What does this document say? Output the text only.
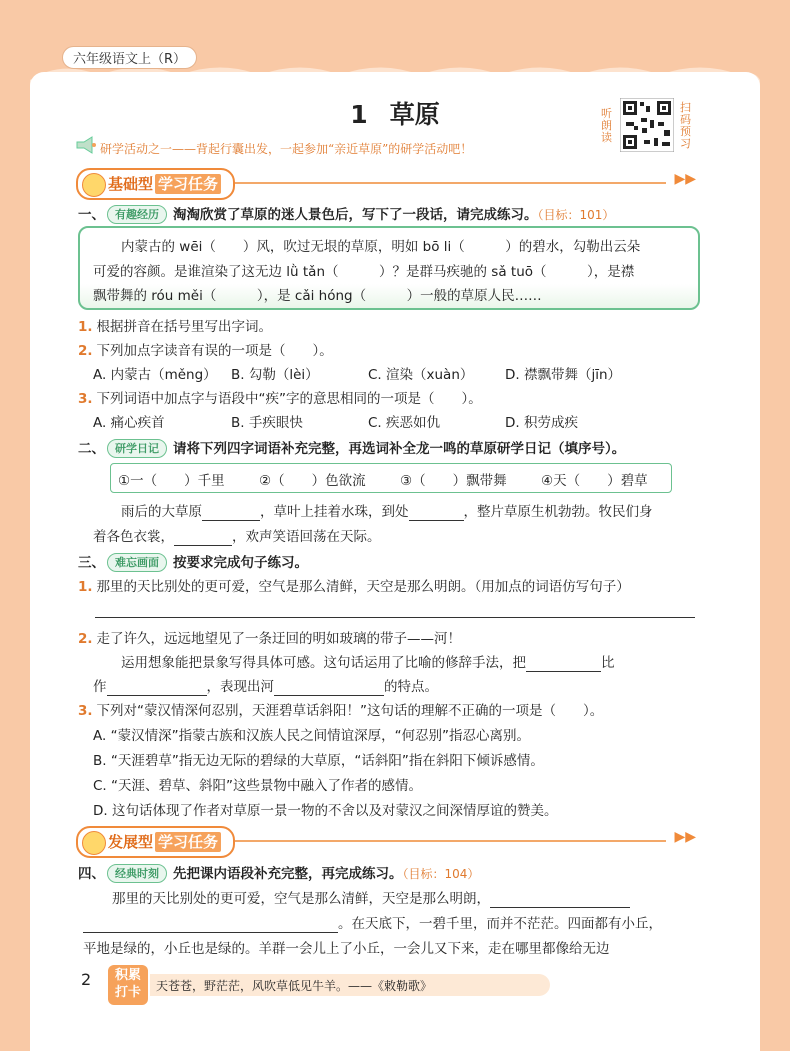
六年级语文上（R）
1 草原	听朗读
扫码预习
研学活动之一——背起行囊出发，一起参加“亲近草原”的研学活动吧！
基础型 学习任务	▶▶
一、 有趣经历 淘淘欣赏了草原的迷人景色后，写下了一段话，请完成练习。（目标：101）
内蒙古的 wēi（　　）风，吹过无垠的草原，明如 bō li（　　　）的碧水，勾勒出云朵
可爱的容颜。是谁渲染了这无边 lǜ tǎn（　　　）？是群马疾驰的 sǎ tuō（　　　），是襟
飘带舞的 róu měi（　　　），是 cǎi hóng（　　　）一般的草原人民……
1. 根据拼音在括号里写出字词。
2. 下列加点字读音有误的一项是（　　）。
A. 内蒙古（měng） B. 勾勒（lèi）	C. 渲染（xuàn） D. 襟飘带舞（jīn）
3. 下列词语中加点字与语段中“疾”字的意思相同的一项是（　　）。
A. 痛心疾首	B. 手疾眼快	C. 疾恶如仇	D. 积劳成疾
二、 研学日记 请将下列四字词语补充完整，再选词补全龙一鸣的草原研学日记（填序号）。
①一（　　）千里	②（　　）色欲流	③（　　）飘带舞	④天（　　）碧草
雨后的大草原	，草叶上挂着水珠，到处	，整片草原生机勃勃。牧民们身
着各色衣裳，	，欢声笑语回荡在天际。
三、 难忘画面 按要求完成句子练习。
1. 那里的天比别处的更可爱，空气是那么清鲜，天空是那么明朗。（用加点的词语仿写句子）
2. 走了许久，远远地望见了一条迂回的明如玻璃的带子——河！
运用想象能把景象写得具体可感。这句话运用了比喻的修辞手法，把	比
作	，表现出河	的特点。
3. 下列对“蒙汉情深何忍别，天涯碧草话斜阳！”这句话的理解不正确的一项是（　　）。
A. “蒙汉情深”指蒙古族和汉族人民之间情谊深厚，“何忍别”指忍心离别。
B. “天涯碧草”指无边无际的碧绿的大草原，“话斜阳”指在斜阳下倾诉感情。
C. “天涯、碧草、斜阳”这些景物中融入了作者的感情。
D. 这句话体现了作者对草原一景一物的不舍以及对蒙汉之间深情厚谊的赞美。
发展型 学习任务	▶▶
四、 经典时刻 先把课内语段补充完整，再完成练习。（目标：104）
那里的天比别处的更可爱，空气是那么清鲜，天空是那么明朗，
。在天底下，一碧千里，而并不茫茫。四面都有小丘，
平地是绿的，小丘也是绿的。羊群一会儿上了小丘，一会儿又下来，走在哪里都像给无边
2	积累
打卡	天苍苍，野茫茫，风吹草低见牛羊。——《敕勒歌》
